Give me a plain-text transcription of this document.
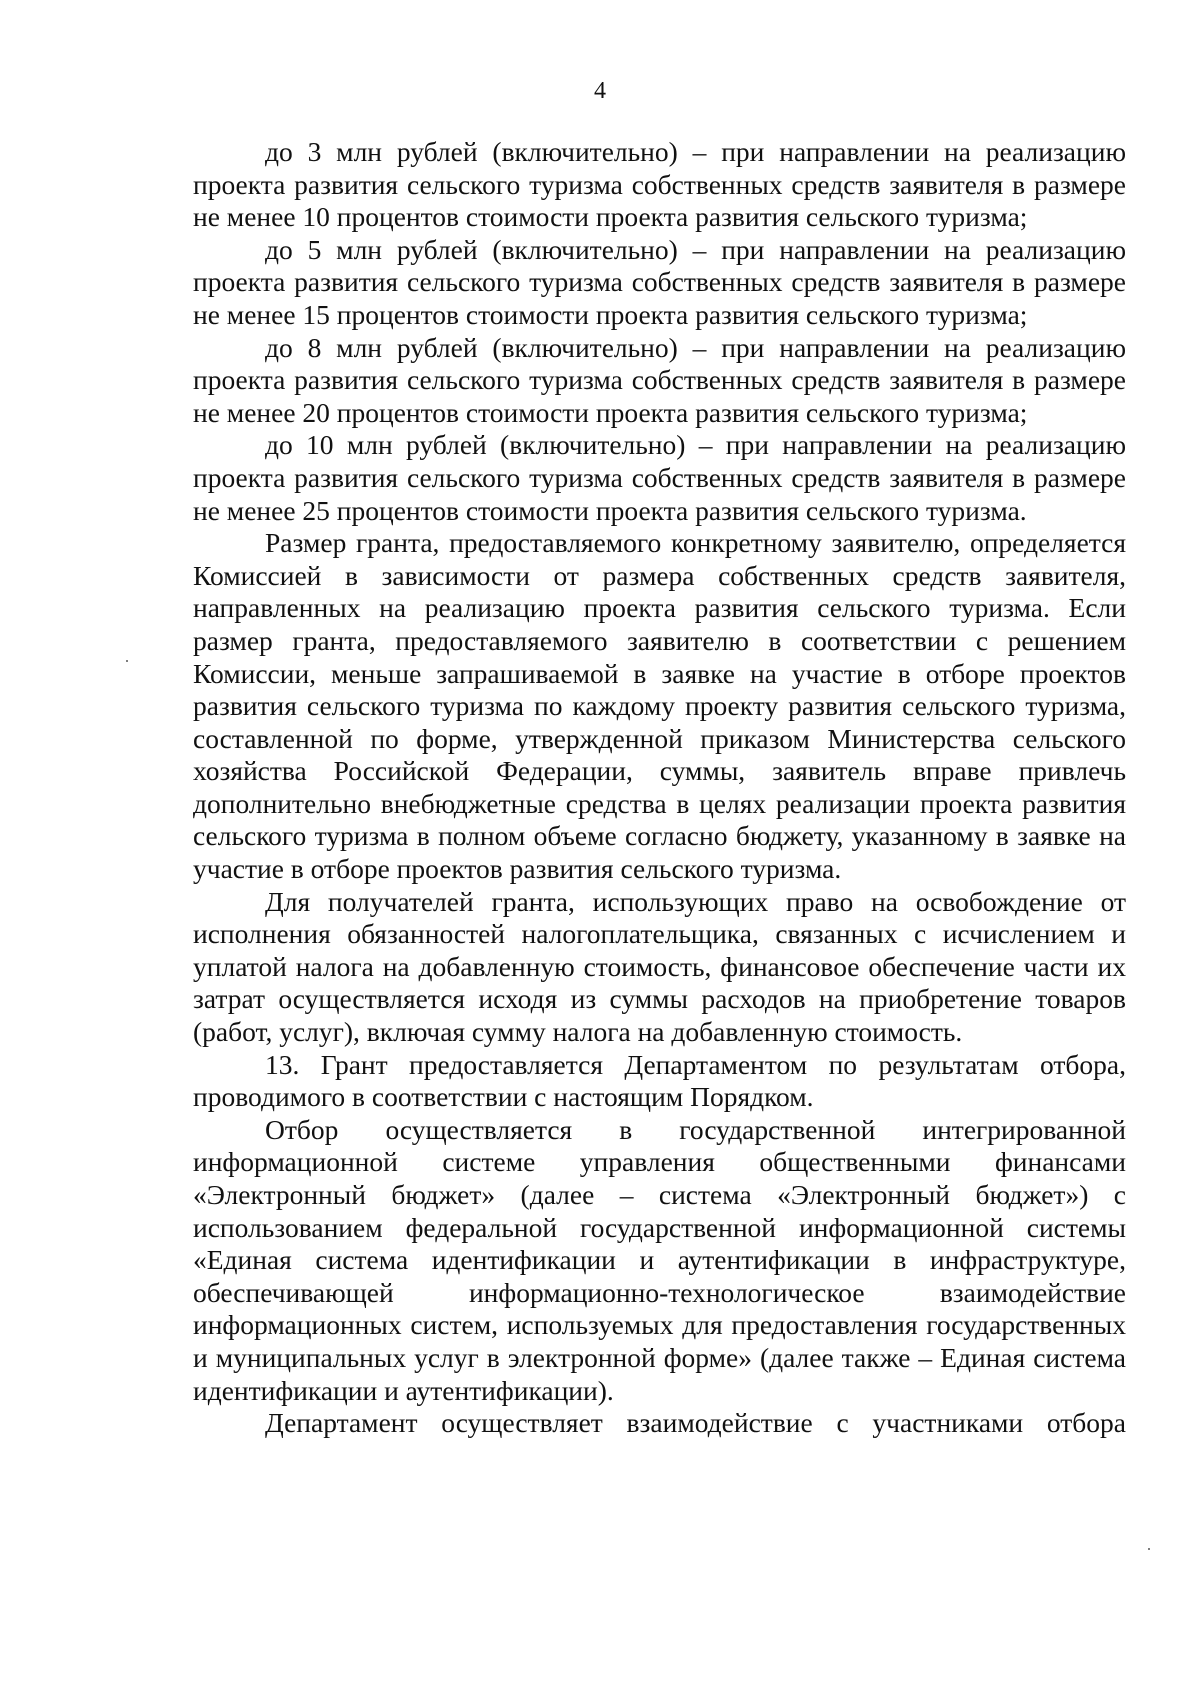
4

до 3 млн рублей (включительно) – при направлении на реализацию проекта развития сельского туризма собственных средств заявителя в размере не менее 10 процентов стоимости проекта развития сельского туризма;

до 5 млн рублей (включительно) – при направлении на реализацию проекта развития сельского туризма собственных средств заявителя в размере не менее 15 процентов стоимости проекта развития сельского туризма;

до 8 млн рублей (включительно) – при направлении на реализацию проекта развития сельского туризма собственных средств заявителя в размере не менее 20 процентов стоимости проекта развития сельского туризма;

до 10 млн рублей (включительно) – при направлении на реализацию проекта развития сельского туризма собственных средств заявителя в размере не менее 25 процентов стоимости проекта развития сельского туризма.

Размер гранта, предоставляемого конкретному заявителю, определяется Комиссией в зависимости от размера собственных средств заявителя, направленных на реализацию проекта развития сельского туризма. Если размер гранта, предоставляемого заявителю в соответствии с решением Комиссии, меньше запрашиваемой в заявке на участие в отборе проектов развития сельского туризма по каждому проекту развития сельского туризма, составленной по форме, утвержденной приказом Министерства сельского хозяйства Российской Федерации, суммы, заявитель вправе привлечь дополнительно внебюджетные средства в целях реализации проекта развития сельского туризма в полном объеме согласно бюджету, указанному в заявке на участие в отборе проектов развития сельского туризма.

Для получателей гранта, использующих право на освобождение от исполнения обязанностей налогоплательщика, связанных с исчислением и уплатой налога на добавленную стоимость, финансовое обеспечение части их затрат осуществляется исходя из суммы расходов на приобретение товаров (работ, услуг), включая сумму налога на добавленную стоимость.

13. Грант предоставляется Департаментом по результатам отбора, проводимого в соответствии с настоящим Порядком.

Отбор осуществляется в государственной интегрированной информационной системе управления общественными финансами «Электронный бюджет» (далее – система «Электронный бюджет») с использованием федеральной государственной информационной системы «Единая система идентификации и аутентификации в инфраструктуре, обеспечивающей информационно-технологическое взаимодействие информационных систем, используемых для предоставления государственных и муниципальных услуг в электронной форме» (далее также – Единая система идентификации и аутентификации).

Департамент осуществляет взаимодействие с участниками отбора
